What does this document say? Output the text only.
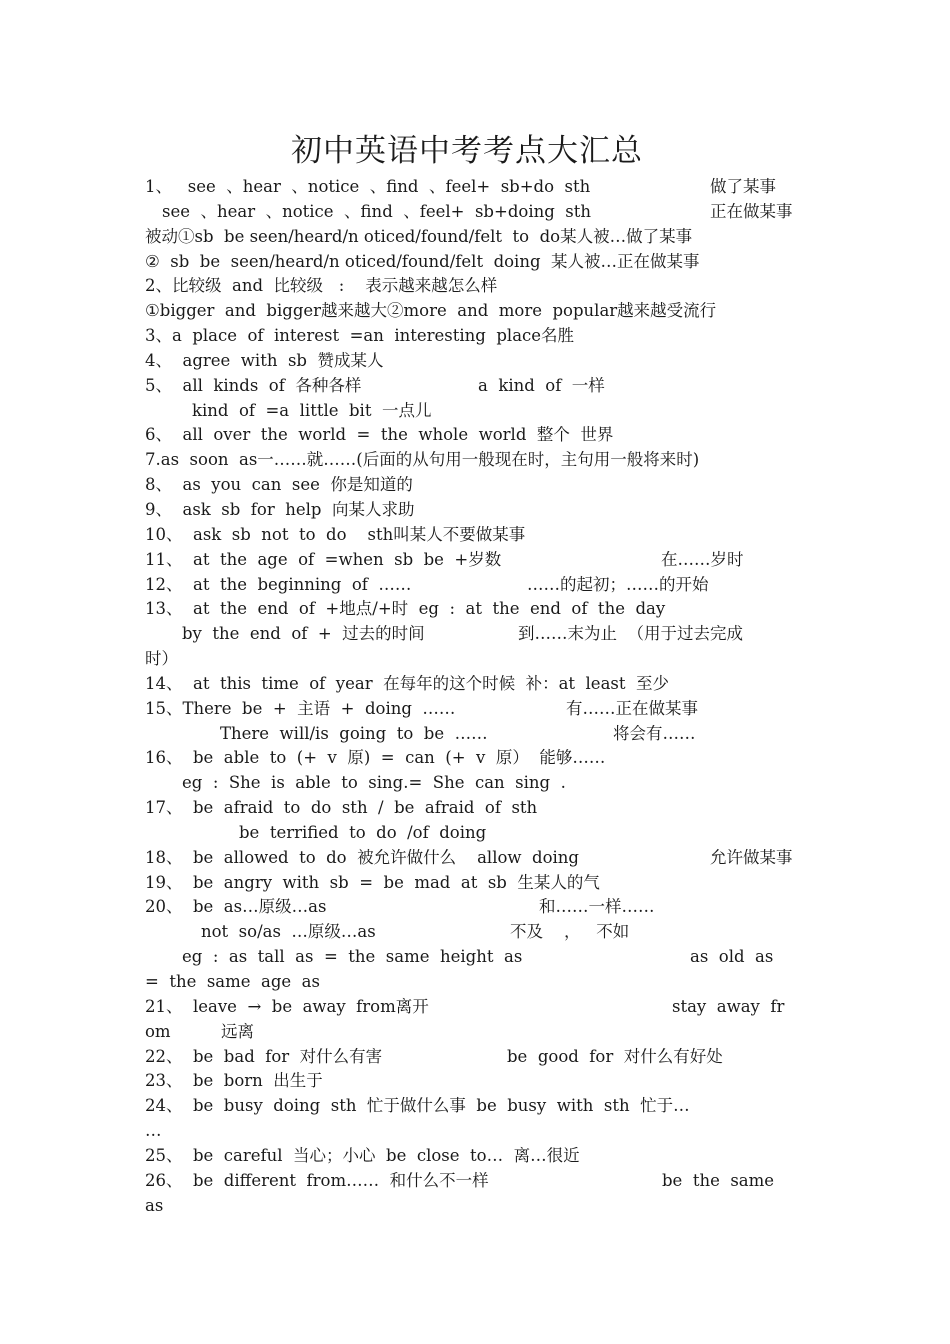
初中英语中考考点大汇总
1、   see  、hear  、notice  、find  、feel+  sb+do  sth	做了某事
see  、hear  、notice  、find  、feel+  sb+doing  sth	正在做某事
被动①sb  be seen/heard/n oticed/found/felt  to  do某人被…做了某事
②  sb  be  seen/heard/n oticed/found/felt  doing  某人被…正在做某事
2、比较级  and  比较级   :    表示越来越怎么样
①bigger  and  bigger越来越大②more  and  more  popular越来越受流行
3、a  place  of  interest  =an  interesting  place名胜
4、  agree  with  sb  赞成某人
5、  all  kinds  of  各种各样	a  kind  of  一样
kind  of  =a  little  bit  一点儿
6、  all  over  the  world  =  the  whole  world  整个  世界
7.as  soon  as一……就……(后面的从句用一般现在时，主句用一般将来时)
8、  as  you  can  see  你是知道的
9、  ask  sb  for  help  向某人求助
10、  ask  sb  not  to  do    sth叫某人不要做某事
11、  at  the  age  of  =when  sb  be  +岁数	在……岁时
12、  at  the  beginning  of  ……	……的起初；……的开始
13、  at  the  end  of  +地点/+时  eg  :  at  the  end  of  the  day
by  the  end  of  +  过去的时间	到……末为止  （用于过去完成
时）
14、  at  this  time  of  year  在每年的这个时候  补：at  least  至少
15、There  be  +  主语  +  doing  ……	有……正在做某事
There  will/is  going  to  be  ……	将会有……
16、  be  able  to  (+  v  原)  =  can  (+  v  原）  能够……
eg  :  She  is  able  to  sing.=  She  can  sing  .
17、  be  afraid  to  do  sth  /  be  afraid  of  sth
be  terrified  to  do  /of  doing
18、  be  allowed  to  do  被允许做什么    allow  doing	允许做某事
19、  be  angry  with  sb  =  be  mad  at  sb  生某人的气
20、  be  as…原级…as	和……一样……
not  so/as  …原级…as	不及    ，   不如
eg  :  as  tall  as  =  the  same  height  as	as  old  as
=  the  same  age  as
21、  leave  →  be  away  from离开	stay  away  fr
om	远离
22、  be  bad  for  对什么有害	be  good  for  对什么有好处
23、  be  born  出生于
24、  be  busy  doing  sth  忙于做什么事  be  busy  with  sth  忙于…
…
25、  be  careful  当心；小心  be  close  to…  离…很近
26、  be  different  from……  和什么不一样	be  the  same
as
